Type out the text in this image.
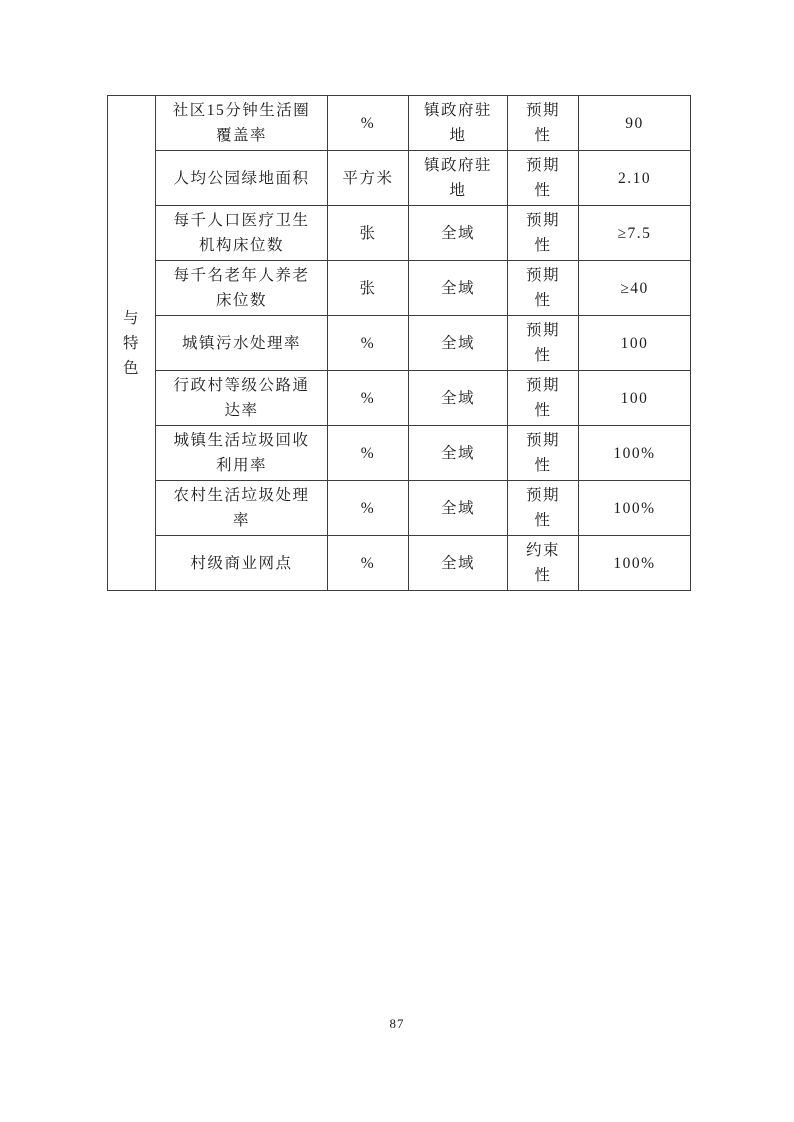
与特色	社区15分钟生活圈覆盖率	%	镇政府驻地	预期性	90
	人均公园绿地面积	平方米	镇政府驻地	预期性	2.10
	每千人口医疗卫生机构床位数	张	全域	预期性	≥7.5
	每千名老年人养老床位数	张	全域	预期性	≥40
	城镇污水处理率	%	全域	预期性	100
	行政村等级公路通达率	%	全域	预期性	100
	城镇生活垃圾回收利用率	%	全域	预期性	100%
	农村生活垃圾处理率	%	全域	预期性	100%
	村级商业网点	%	全域	约束性	100%
87
